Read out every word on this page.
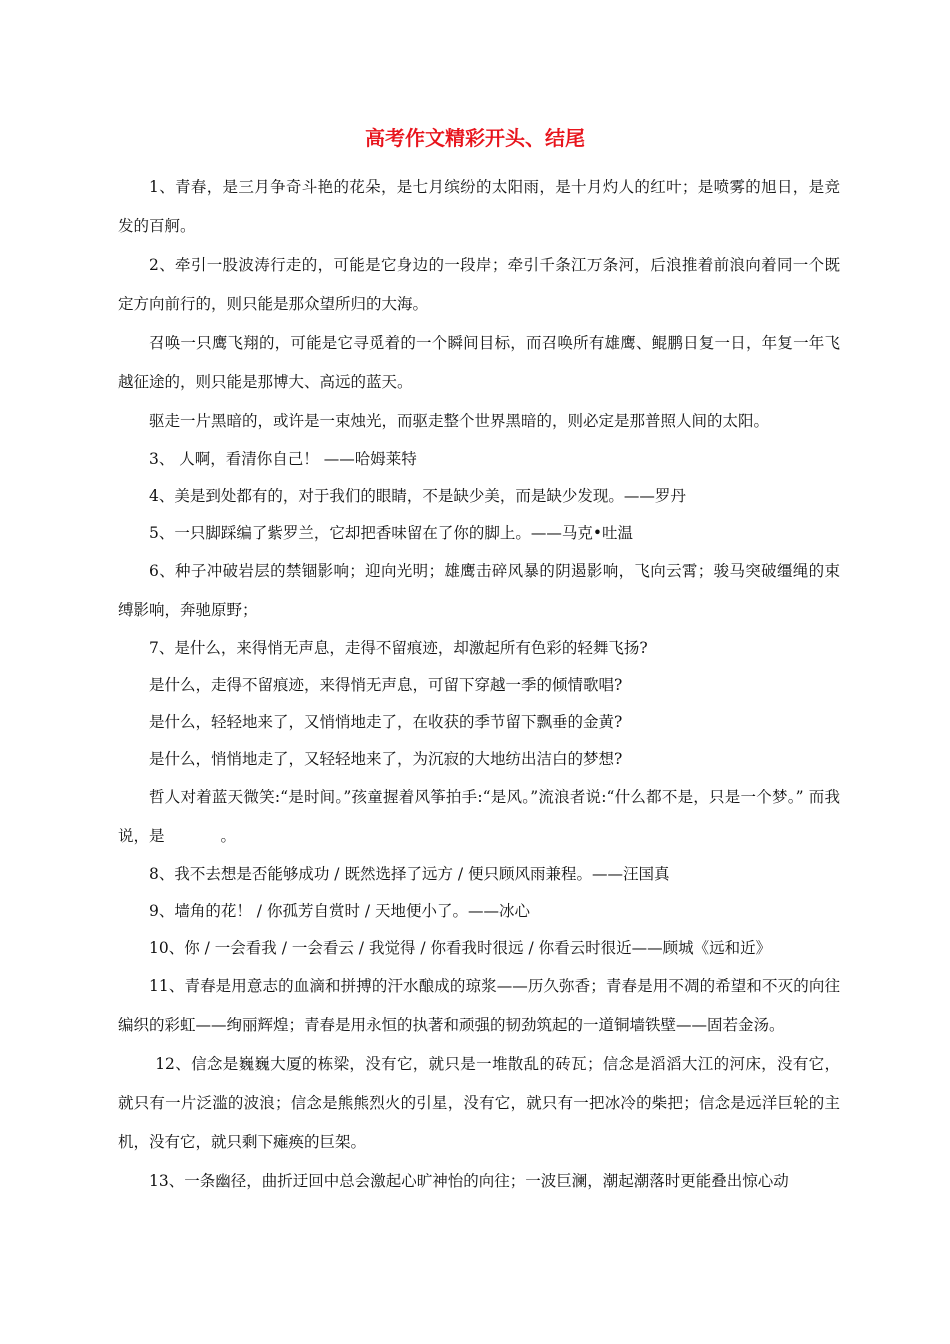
高考作文精彩开头、结尾

1、青春，是三月争奇斗艳的花朵，是七月缤纷的太阳雨，是十月灼人的红叶；是喷雾的旭日，是竞发的百舸。

2、牵引一股波涛行走的，可能是它身边的一段岸；牵引千条江万条河，后浪推着前浪向着同一个既定方向前行的，则只能是那众望所归的大海。

召唤一只鹰飞翔的，可能是它寻觅着的一个瞬间目标，而召唤所有雄鹰、鲲鹏日复一日，年复一年飞越征途的，则只能是那博大、高远的蓝天。

驱走一片黑暗的，或许是一束烛光，而驱走整个世界黑暗的，则必定是那普照人间的太阳。

3、 人啊，看清你自己！ ——哈姆莱特

4、美是到处都有的，对于我们的眼睛，不是缺少美，而是缺少发现。——罗丹

5、一只脚踩编了紫罗兰，它却把香味留在了你的脚上。——马克•吐温

6、种子冲破岩层的禁锢影响；迎向光明；雄鹰击碎风暴的阴遏影响，飞向云霄；骏马突破缰绳的束缚影响，奔驰原野；

7、是什么，来得悄无声息，走得不留痕迹，却激起所有色彩的轻舞飞扬?

是什么，走得不留痕迹，来得悄无声息，可留下穿越一季的倾情歌唱?

是什么，轻轻地来了，又悄悄地走了，在收获的季节留下飘垂的金黄?

是什么，悄悄地走了，又轻轻地来了，为沉寂的大地纺出洁白的梦想?

哲人对着蓝天微笑:“是时间。”孩童握着风筝拍手:“是风。”流浪者说:“什么都不是，只是一个梦。” 而我说，是	。

8、我不去想是否能够成功 / 既然选择了远方 / 便只顾风雨兼程。——汪国真

9、墙角的花！ / 你孤芳自赏时 / 天地便小了。——冰心

10、你 / 一会看我 / 一会看云 / 我觉得 / 你看我时很远 / 你看云时很近——顾城《远和近》

11、青春是用意志的血滴和拼搏的汗水酿成的琼浆——历久弥香；青春是用不凋的希望和不灭的向往编织的彩虹——绚丽辉煌；青春是用永恒的执著和顽强的韧劲筑起的一道铜墙铁壁——固若金汤。

12、信念是巍巍大厦的栋梁，没有它，就只是一堆散乱的砖瓦；信念是滔滔大江的河床，没有它，就只有一片泛滥的波浪；信念是熊熊烈火的引星，没有它，就只有一把冰冷的柴把；信念是远洋巨轮的主机，没有它，就只剩下瘫痪的巨架。

13、一条幽径，曲折迂回中总会激起心旷神怡的向往；一波巨澜，潮起潮落时更能叠出惊心动
